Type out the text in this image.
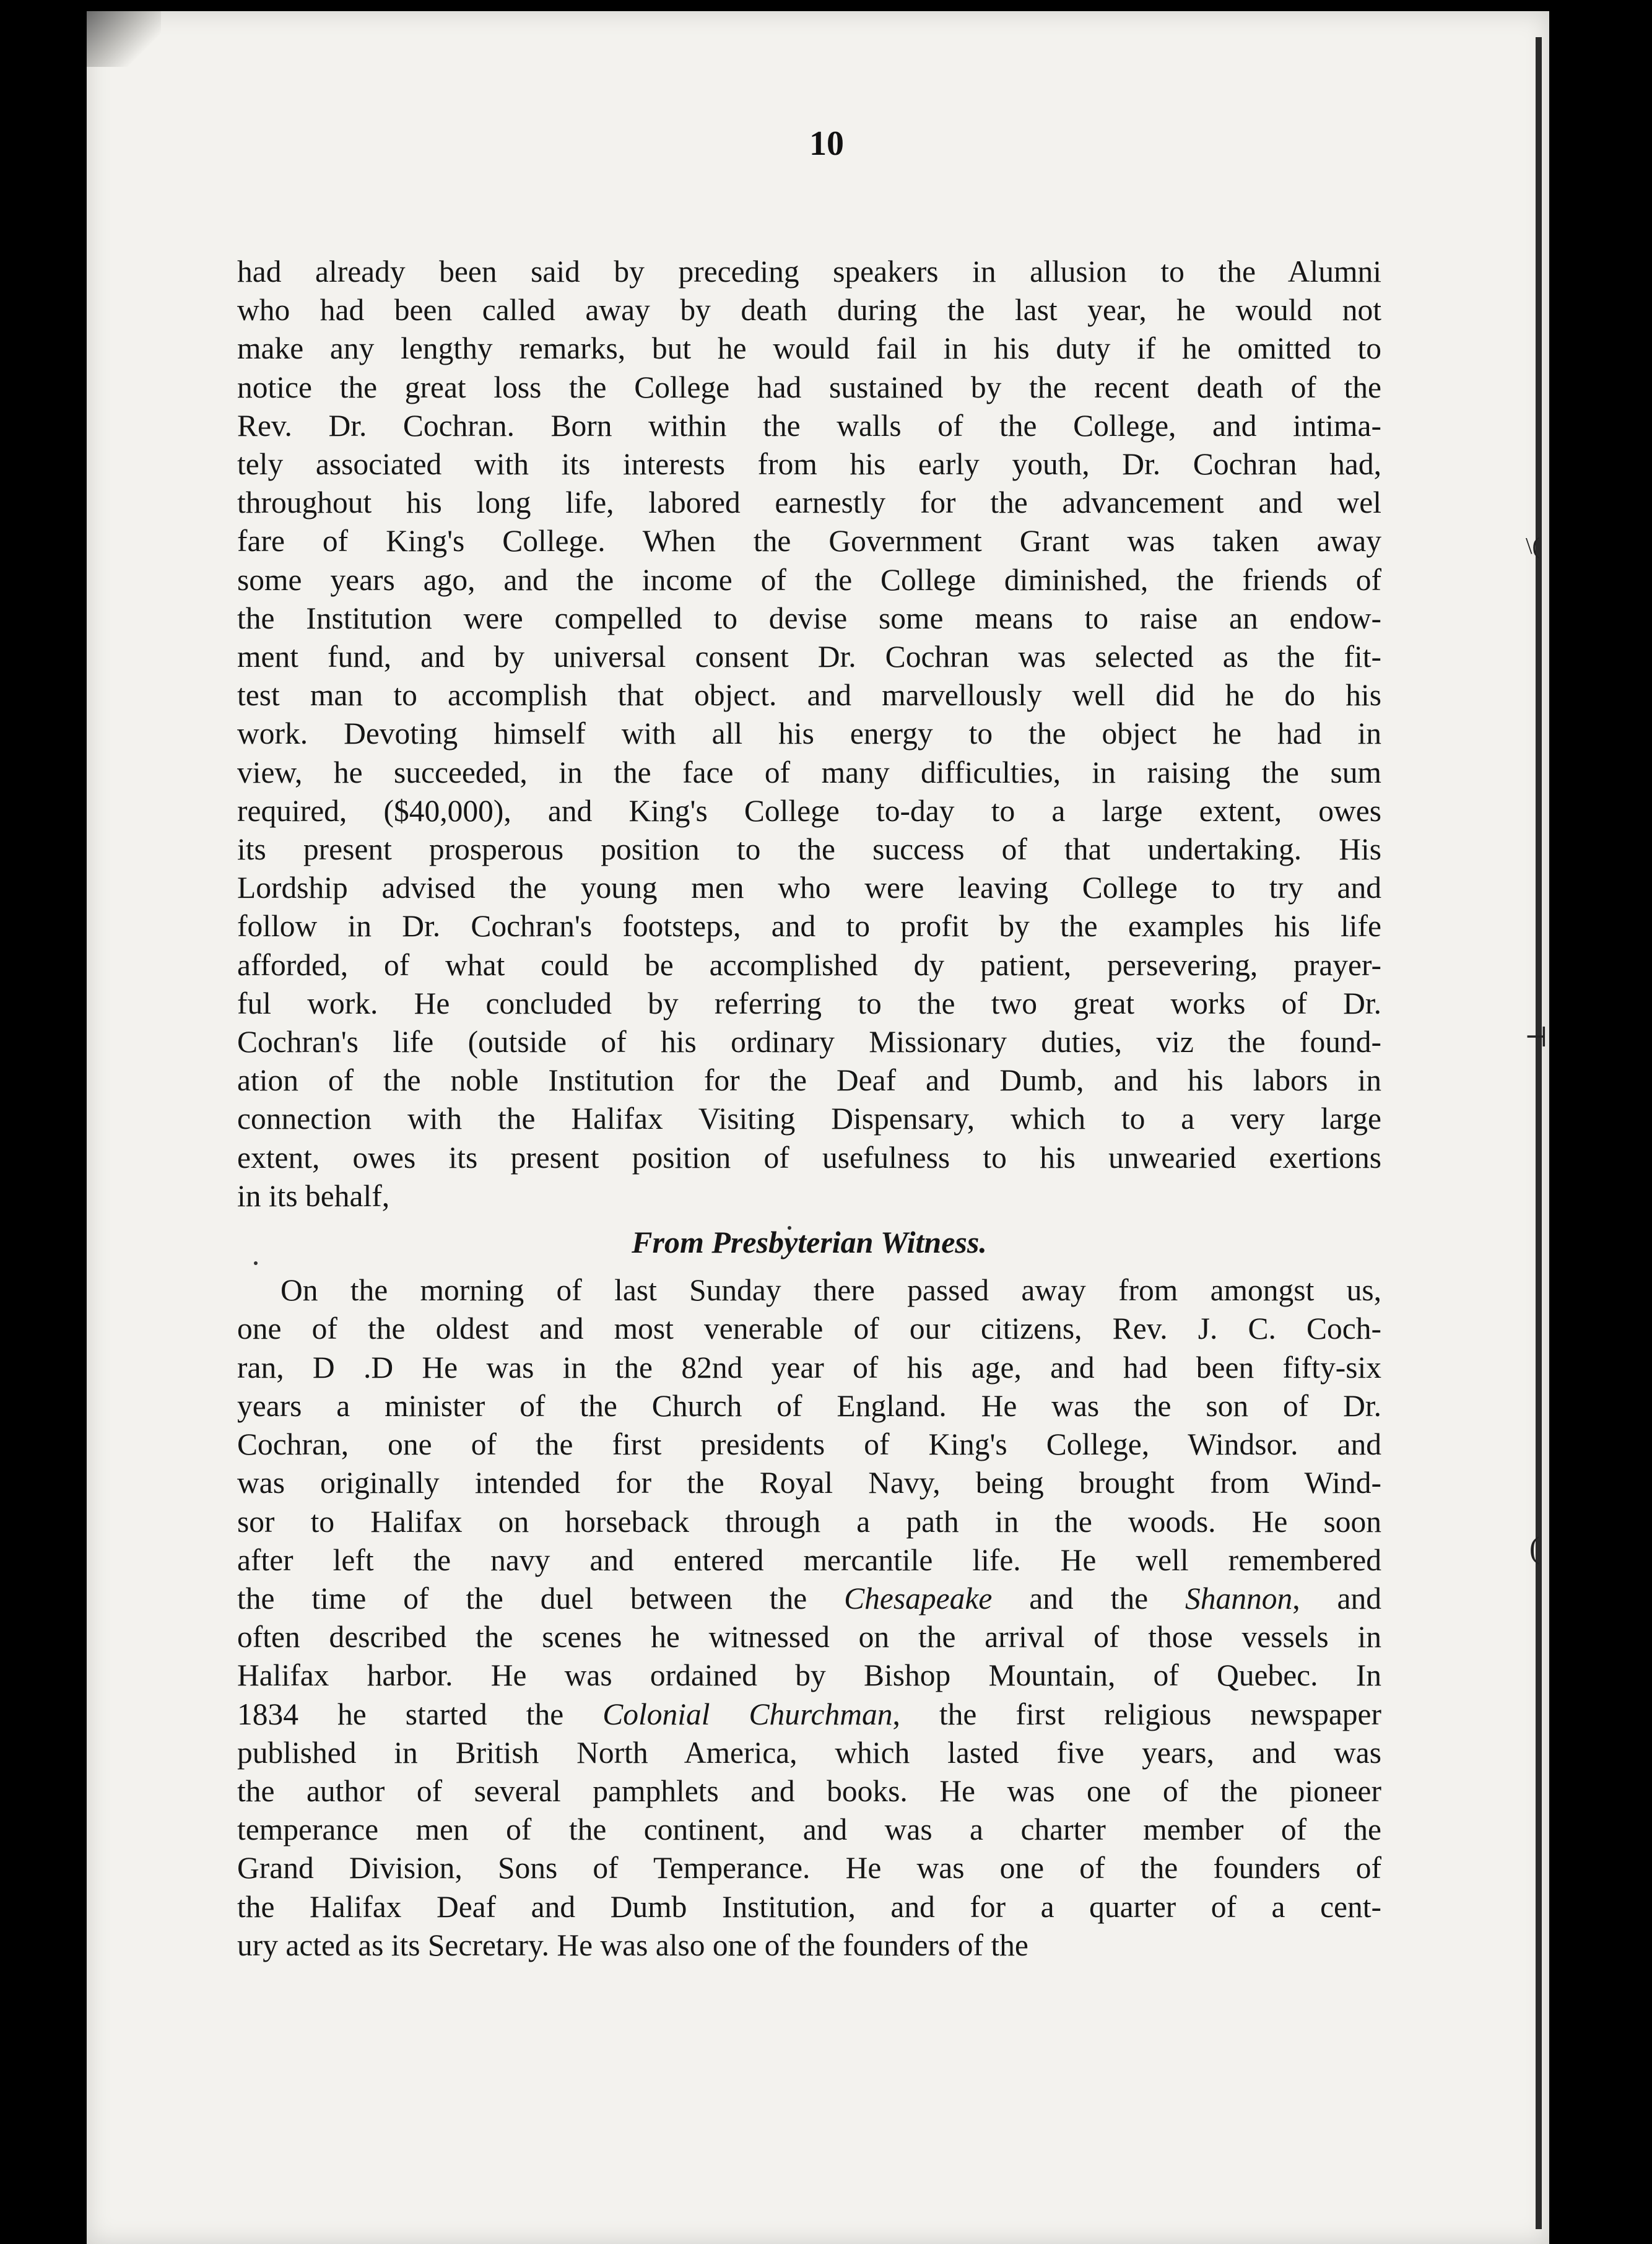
10
\(
⊣
(
had already been said by preceding speakers in allusion to the Alumni
who had been called away by death during the last year, he would not
make any lengthy remarks, but he would fail in his duty if he omitted to
notice the great loss the College had sustained by the recent death of the
Rev. Dr. Cochran. Born within the walls of the College, and intima-
tely associated with its interests from his early youth, Dr. Cochran had,
throughout his long life, labored earnestly for the advancement and wel
fare of King's College. When the Government Grant was taken away
some years ago, and the income of the College diminished, the friends of
the Institution were compelled to devise some means to raise an endow-
ment fund, and by universal consent Dr. Cochran was selected as the fit-
test man to accomplish that object. and marvellously well did he do his
work. Devoting himself with all his energy to the object he had in
view, he succeeded, in the face of many difficulties, in raising the sum
required, ($40,000), and King's College to-day to a large extent, owes
its present prosperous position to the success of that undertaking. His
Lordship advised the young men who were leaving College to try and
follow in Dr. Cochran's footsteps, and to profit by the examples his life
afforded, of what could be accomplished dy patient, persevering, prayer-
ful work. He concluded by referring to the two great works of Dr.
Cochran's life (outside of his ordinary Missionary duties, viz the found-
ation of the noble Institution for the Deaf and Dumb, and his labors in
connection with the Halifax Visiting Dispensary, which to a very large
extent, owes its present position of usefulness to his unwearied exertions
in its behalf,
From Presbyterian Witness.
On the morning of last Sunday there passed away from amongst us,
one of the oldest and most venerable of our citizens, Rev. J. C. Coch-
ran, D .D He was in the 82nd year of his age, and had been fifty-six
years a minister of the Church of England. He was the son of Dr.
Cochran, one of the first presidents of King's College, Windsor. and
was originally intended for the Royal Navy, being brought from Wind-
sor to Halifax on horseback through a path in the woods. He soon
after left the navy and entered mercantile life. He well remembered
the time of the duel between the Chesapeake and the Shannon, and
often described the scenes he witnessed on the arrival of those vessels in
Halifax harbor. He was ordained by Bishop Mountain, of Quebec. In
1834 he started the Colonial Churchman, the first religious newspaper
published in British North America, which lasted five years, and was
the author of several pamphlets and books. He was one of the pioneer
temperance men of the continent, and was a charter member of the
Grand Division, Sons of Temperance. He was one of the founders of
the Halifax Deaf and Dumb Institution, and for a quarter of a cent-
ury acted as its Secretary. He was also one of the founders of the
